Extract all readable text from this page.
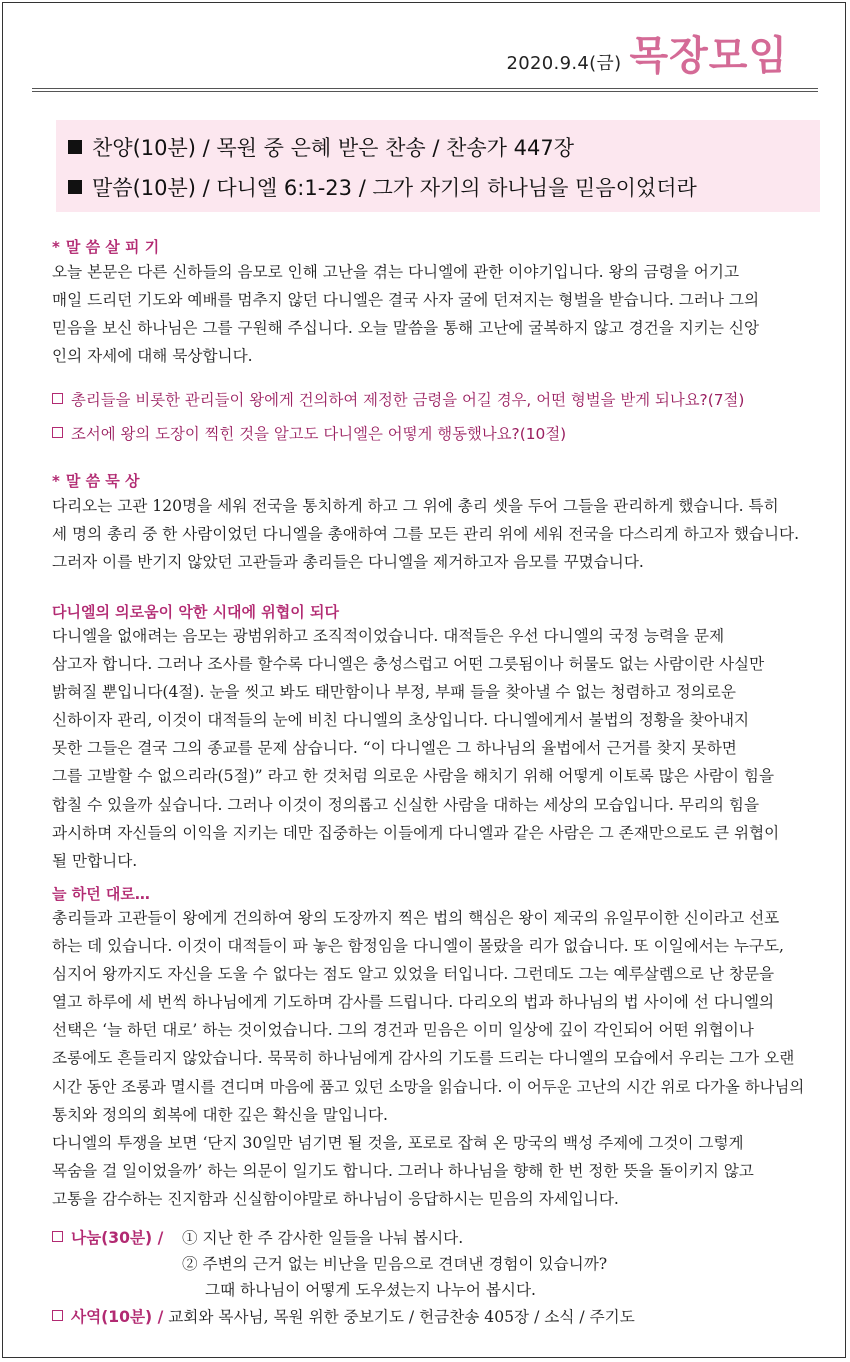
2020.9.4(금) 목장모임
찬양(10분) / 목원 중 은혜 받은 찬송 / 찬송가 447장
말씀(10분) / 다니엘 6:1-23 / 그가 자기의 하나님을 믿음이었더라
* 말 씀 살 피 기
오늘 본문은 다른 신하들의 음모로 인해 고난을 겪는 다니엘에 관한 이야기입니다. 왕의 금령을 어기고
매일 드리던 기도와 예배를 멈추지 않던 다니엘은 결국 사자 굴에 던져지는 형벌을 받습니다. 그러나 그의
믿음을 보신 하나님은 그를 구원해 주십니다. 오늘 말씀을 통해 고난에 굴복하지 않고 경건을 지키는 신앙
인의 자세에 대해 묵상합니다.
총리들을 비롯한 관리들이 왕에게 건의하여 제정한 금령을 어길 경우, 어떤 형벌을 받게 되나요?(7절)
조서에 왕의 도장이 찍힌 것을 알고도 다니엘은 어떻게 행동했나요?(10절)
* 말 씀 묵 상
다리오는 고관 120명을 세워 전국을 통치하게 하고 그 위에 총리 셋을 두어 그들을 관리하게 했습니다. 특히
세 명의 총리 중 한 사람이었던 다니엘을 총애하여 그를 모든 관리 위에 세워 전국을 다스리게 하고자 했습니다.
그러자 이를 반기지 않았던 고관들과 총리들은 다니엘을 제거하고자 음모를 꾸몄습니다.
다니엘의 의로움이 악한 시대에 위협이 되다
다니엘을 없애려는 음모는 광범위하고 조직적이었습니다. 대적들은 우선 다니엘의 국정 능력을 문제
삼고자 합니다. 그러나 조사를 할수록 다니엘은 충성스럽고 어떤 그릇됨이나 허물도 없는 사람이란 사실만
밝혀질 뿐입니다(4절). 눈을 씻고 봐도 태만함이나 부정, 부패 들을 찾아낼 수 없는 청렴하고 정의로운
신하이자 관리, 이것이 대적들의 눈에 비친 다니엘의 초상입니다. 다니엘에게서 불법의 정황을 찾아내지
못한 그들은 결국 그의 종교를 문제 삼습니다. “이 다니엘은 그 하나님의 율법에서 근거를 찾지 못하면
그를 고발할 수 없으리라(5절)” 라고 한 것처럼 의로운 사람을 해치기 위해 어떻게 이토록 많은 사람이 힘을
합칠 수 있을까 싶습니다. 그러나 이것이 정의롭고 신실한 사람을 대하는 세상의 모습입니다. 무리의 힘을
과시하며 자신들의 이익을 지키는 데만 집중하는 이들에게 다니엘과 같은 사람은 그 존재만으로도 큰 위협이
될 만합니다.
늘 하던 대로…
총리들과 고관들이 왕에게 건의하여 왕의 도장까지 찍은 법의 핵심은 왕이 제국의 유일무이한 신이라고 선포
하는 데 있습니다. 이것이 대적들이 파 놓은 함정임을 다니엘이 몰랐을 리가 없습니다. 또 이일에서는 누구도,
심지어 왕까지도 자신을 도울 수 없다는 점도 알고 있었을 터입니다. 그런데도 그는 예루살렘으로 난 창문을
열고 하루에 세 번씩 하나님에게 기도하며 감사를 드립니다. 다리오의 법과 하나님의 법 사이에 선 다니엘의
선택은 ‘늘 하던 대로’ 하는 것이었습니다. 그의 경건과 믿음은 이미 일상에 깊이 각인되어 어떤 위협이나
조롱에도 흔들리지 않았습니다. 묵묵히 하나님에게 감사의 기도를 드리는 다니엘의 모습에서 우리는 그가 오랜
시간 동안 조롱과 멸시를 견디며 마음에 품고 있던 소망을 읽습니다. 이 어두운 고난의 시간 위로 다가올 하나님의
통치와 정의의 회복에 대한 깊은 확신을 말입니다.
다니엘의 투쟁을 보면 ‘단지 30일만 넘기면 될 것을, 포로로 잡혀 온 망국의 백성 주제에 그것이 그렇게
목숨을 걸 일이었을까’ 하는 의문이 일기도 합니다. 그러나 하나님을 향해 한 번 정한 뜻을 돌이키지 않고
고통을 감수하는 진지함과 신실함이야말로 하나님이 응답하시는 믿음의 자세입니다.
나눔(30분) / ① 지난 한 주 감사한 일들을 나눠 봅시다.
② 주변의 근거 없는 비난을 믿음으로 견뎌낸 경험이 있습니까?
그때 하나님이 어떻게 도우셨는지 나누어 봅시다.
사역(10분) / 교회와 목사님, 목원 위한 중보기도 / 헌금찬송 405장 / 소식 / 주기도
